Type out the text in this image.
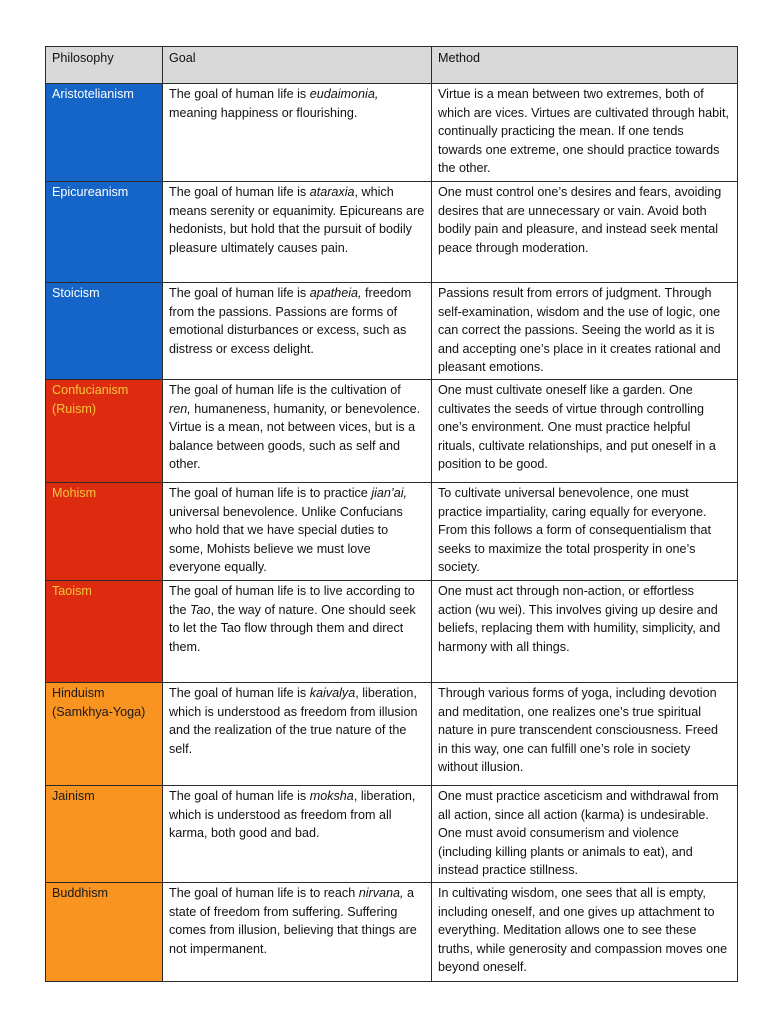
Philosophy	Goal	Method
Aristotelianism	The goal of human life is eudaimonia, meaning happiness or flourishing.	Virtue is a mean between two extremes, both of which are vices. Virtues are cultivated through habit, continually practicing the mean. If one tends towards one extreme, one should practice towards the other.
Epicureanism	The goal of human life is ataraxia, which means serenity or equanimity. Epicureans are hedonists, but hold that the pursuit of bodily pleasure ultimately causes pain.	One must control one’s desires and fears, avoiding desires that are unnecessary or vain. Avoid both bodily pain and pleasure, and instead seek mental peace through moderation.
Stoicism	The goal of human life is apatheia, freedom from the passions. Passions are forms of emotional disturbances or excess, such as distress or excess delight.	Passions result from errors of judgment. Through self-examination, wisdom and the use of logic, one can correct the passions. Seeing the world as it is and accepting one’s place in it creates rational and pleasant emotions.
Confucianism (Ruism)	The goal of human life is the cultivation of ren, humaneness, humanity, or benevolence. Virtue is a mean, not between vices, but is a balance between goods, such as self and other.	One must cultivate oneself like a garden. One cultivates the seeds of virtue through controlling one’s environment. One must practice helpful rituals, cultivate relationships, and put oneself in a position to be good.
Mohism	The goal of human life is to practice jian’ai, universal benevolence. Unlike Confucians who hold that we have special duties to some, Mohists believe we must love everyone equally.	To cultivate universal benevolence, one must practice impartiality, caring equally for everyone. From this follows a form of consequentialism that seeks to maximize the total prosperity in one’s society.
Taoism	The goal of human life is to live according to the Tao, the way of nature. One should seek to let the Tao flow through them and direct them.	One must act through non-action, or effortless action (wu wei). This involves giving up desire and beliefs, replacing them with humility, simplicity, and harmony with all things.
Hinduism (Samkhya-Yoga)	The goal of human life is kaivalya, liberation, which is understood as freedom from illusion and the realization of the true nature of the self.	Through various forms of yoga, including devotion and meditation, one realizes one’s true spiritual nature in pure transcendent consciousness. Freed in this way, one can fulfill one’s role in society without illusion.
Jainism	The goal of human life is moksha, liberation, which is understood as freedom from all karma, both good and bad.	One must practice asceticism and withdrawal from all action, since all action (karma) is undesirable. One must avoid consumerism and violence (including killing plants or animals to eat), and instead practice stillness.
Buddhism	The goal of human life is to reach nirvana, a state of freedom from suffering. Suffering comes from illusion, believing that things are not impermanent.	In cultivating wisdom, one sees that all is empty, including oneself, and one gives up attachment to everything. Meditation allows one to see these truths, while generosity and compassion moves one beyond oneself.
